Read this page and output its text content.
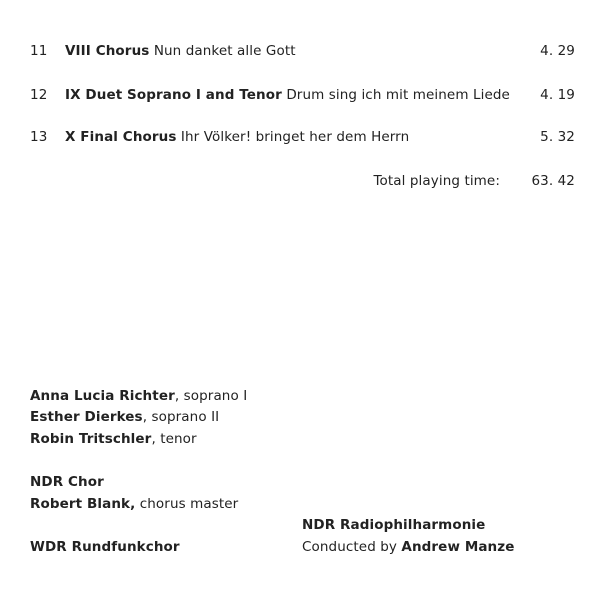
11 VIII Chorus Nun danket alle Gott	4. 29
12 IX Duet Soprano I and Tenor Drum sing ich mit meinem Liede 4. 19
13 X Final Chorus Ihr Völker! bringet her dem Herrn	5. 32
Total playing time: 63. 42
Anna Lucia Richter, soprano I
Esther Dierkes, soprano II
Robin Tritschler, tenor
NDR Chor
Robert Blank, chorus master
WDR Rundfunkchor
NDR Radiophilharmonie
Conducted by Andrew Manze
